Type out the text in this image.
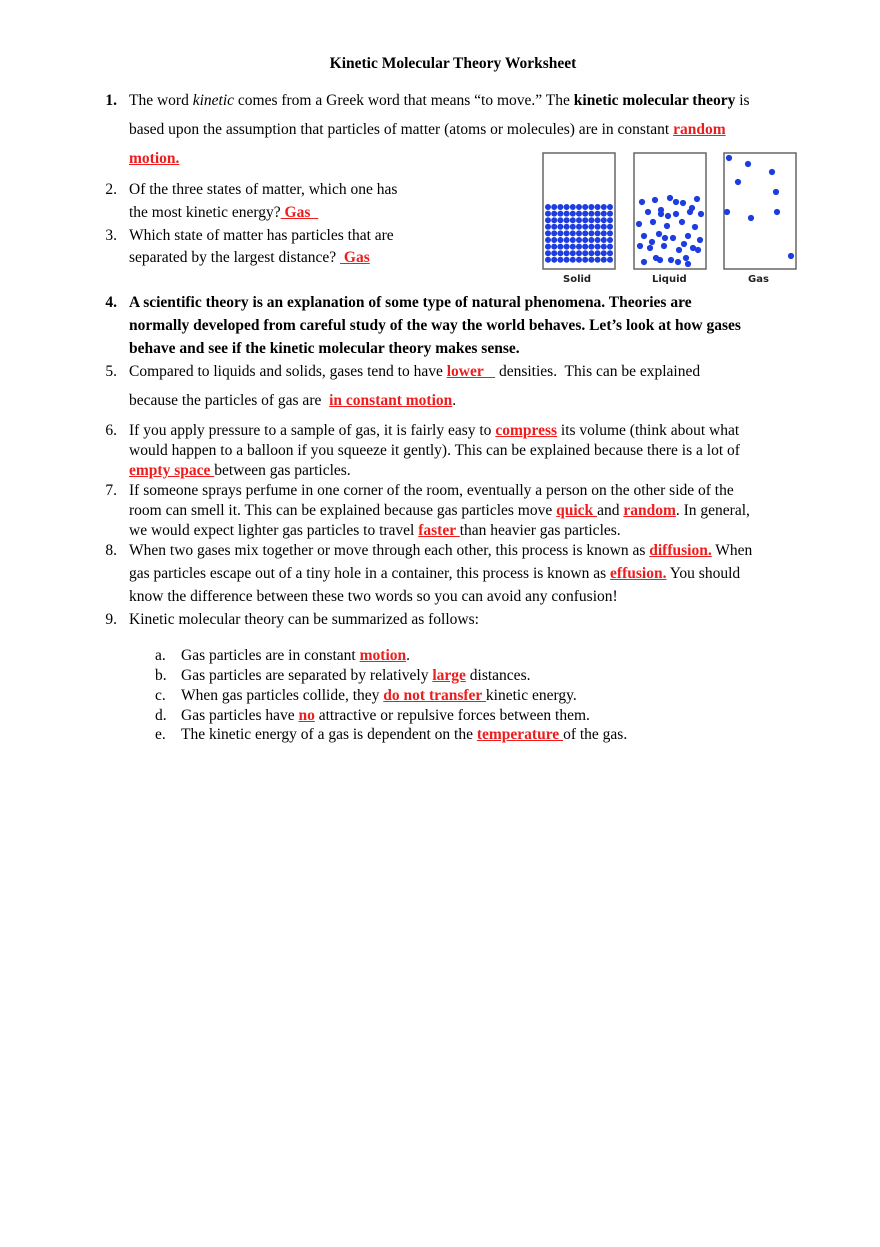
Kinetic Molecular Theory Worksheet
1. The word kinetic comes from a Greek word that means “to move.” The kinetic molecular theory is
based upon the assumption that particles of matter (atoms or molecules) are in constant random
motion.
2. Of the three states of matter, which one has
the most kinetic energy? Gas
3. Which state of matter has particles that are
separated by the largest distance?  Gas
Solid	Liquid	Gas
4. A scientific theory is an explanation of some type of natural phenomena. Theories are
normally developed from careful study of the way the world behaves. Let’s look at how gases
behave and see if the kinetic molecular theory makes sense.
5. Compared to liquids and solids, gases tend to have lower    densities.  This can be explained
because the particles of gas are  in constant motion.
6. If you apply pressure to a sample of gas, it is fairly easy to compress its volume (think about what
would happen to a balloon if you squeeze it gently). This can be explained because there is a lot of
empty space between gas particles.
7. If someone sprays perfume in one corner of the room, eventually a person on the other side of the
room can smell it. This can be explained because gas particles move quick and random. In general,
we would expect lighter gas particles to travel faster than heavier gas particles.
8. When two gases mix together or move through each other, this process is known as diffusion. When
gas particles escape out of a tiny hole in a container, this process is known as effusion. You should
know the difference between these two words so you can avoid any confusion!
9. Kinetic molecular theory can be summarized as follows:
a. Gas particles are in constant motion.
b. Gas particles are separated by relatively large distances.
c. When gas particles collide, they do not transfer kinetic energy.
d. Gas particles have no attractive or repulsive forces between them.
e. The kinetic energy of a gas is dependent on the temperature of the gas.
